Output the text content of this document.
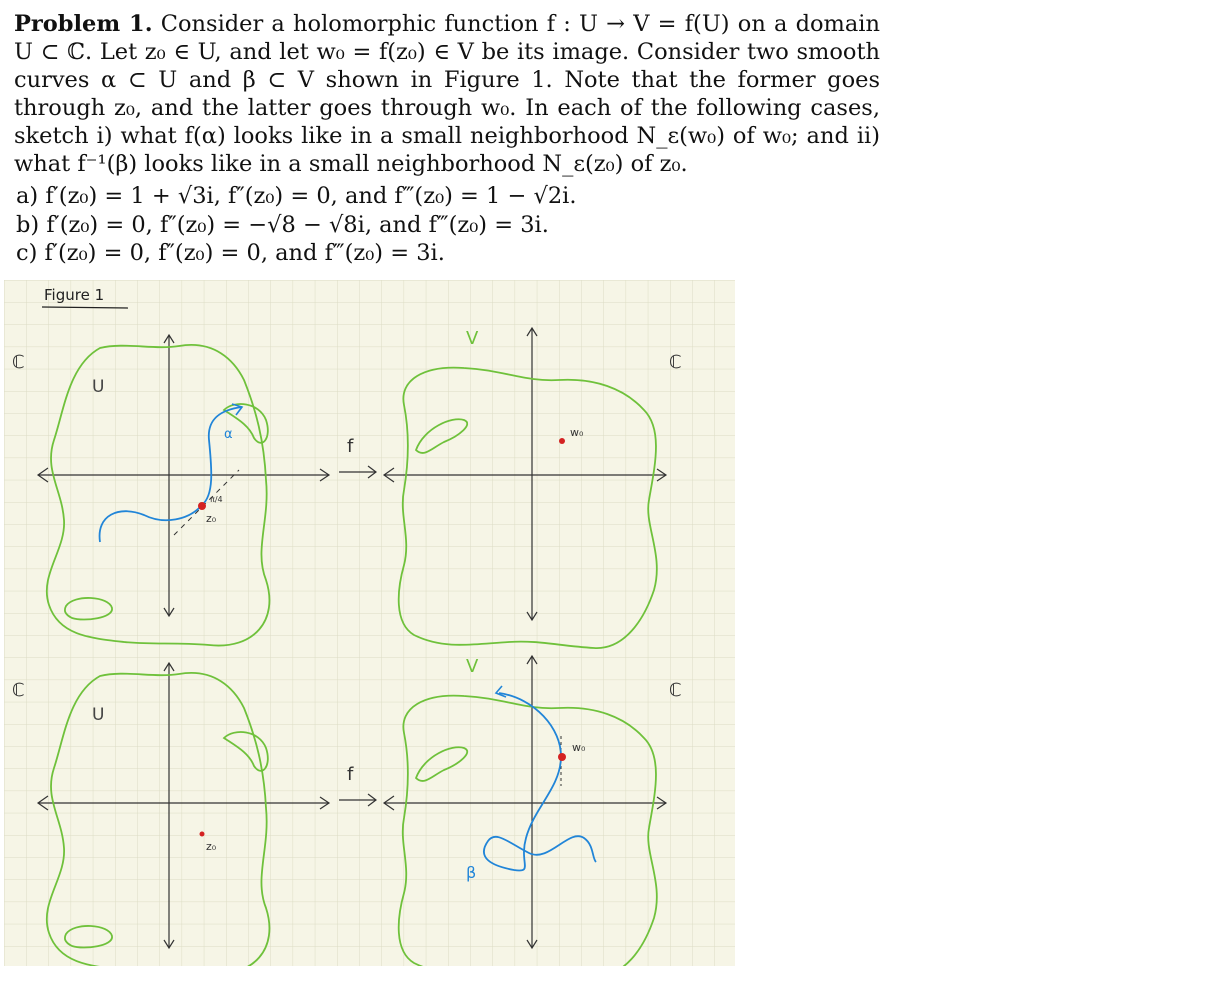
Problem 1. Consider a holomorphic function f : U → V = f(U) on a domain U ⊂ ℂ. Let z₀ ∈ U, and let w₀ = f(z₀) ∈ V be its image. Consider two smooth curves α ⊂ U and β ⊂ V shown in Figure 1. Note that the former goes through z₀, and the latter goes through w₀. In each of the following cases, sketch i) what f(α) looks like in a small neighborhood N_ε(w₀) of w₀; and ii) what f⁻¹(β) looks like in a small neighborhood N_ε(z₀) of z₀.
a) f′(z₀) = 1 + √3i, f″(z₀) = 0, and f‴(z₀) = 1 − √2i.
b) f′(z₀) = 0, f″(z₀) = −√8 − √8i, and f‴(z₀) = 3i.
c) f′(z₀) = 0, f″(z₀) = 0, and f‴(z₀) = 3i.
Figure 1
ℂ	ℂ
U
α
z₀
π/4
f
V
w₀
ℂ	ℂ
U
z₀
f
V
β
w₀
